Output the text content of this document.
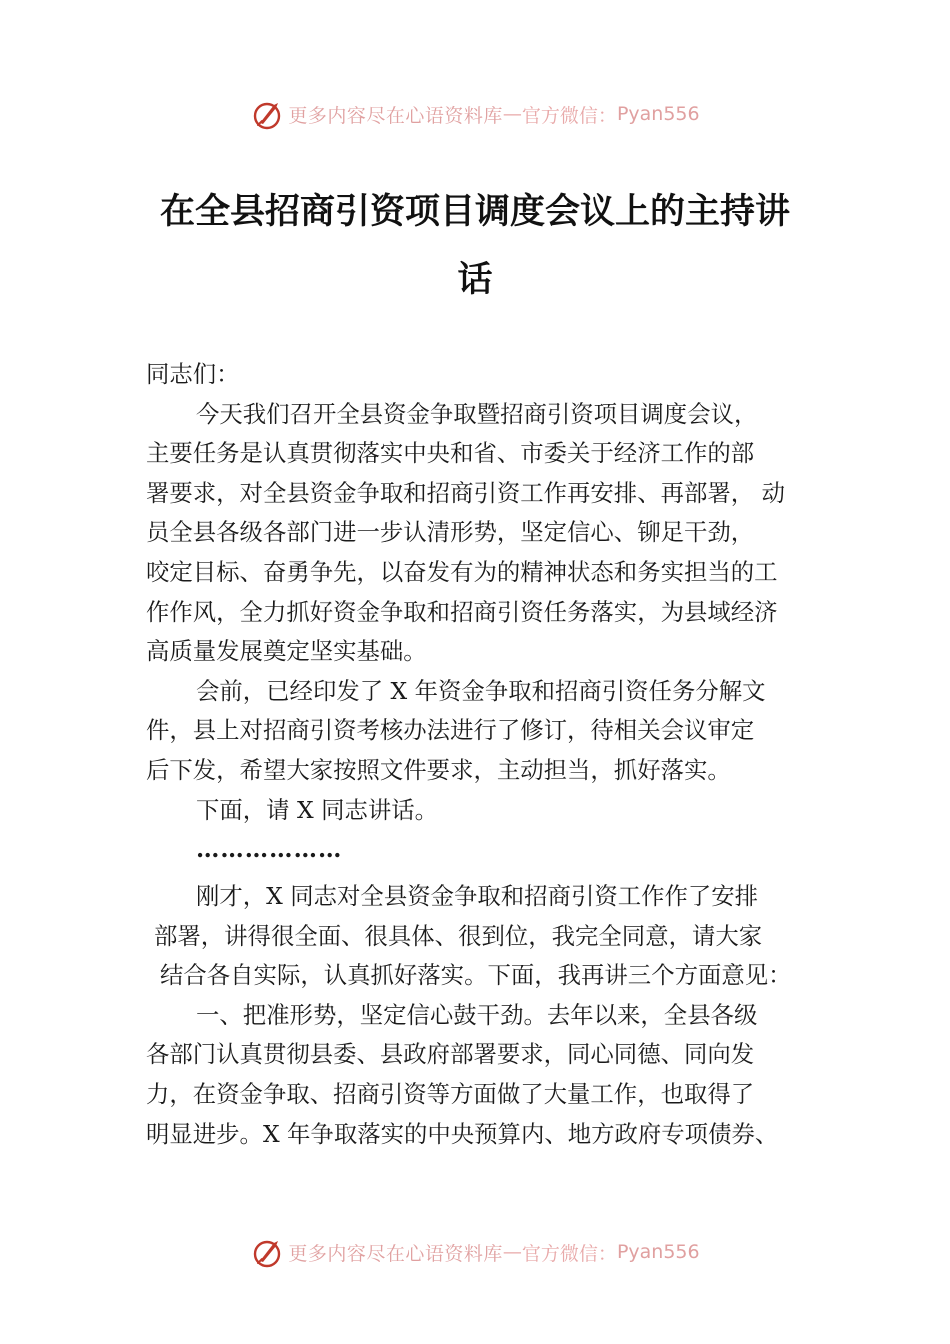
更多内容尽在心语资料库 — 官方微信： Pyan556
在全县招商引资项目调度会议上的主持讲
话
同志们：
今天我们召开全县资金争取暨招商引资项目调度会议，
主要任务是认真贯彻落实中央和省、市委关于经济工作的部
署要求，对全县资金争取和招商引资工作再安排、再部署， 动
员全县各级各部门进一步认清形势，坚定信心、铆足干劲，
咬定目标、奋勇争先，以奋发有为的精神状态和务实担当的工
作作风，全力抓好资金争取和招商引资任务落实，为县域经济
高质量发展奠定坚实基础。
会前，已经印发了 X 年资金争取和招商引资任务分解文
件，县上对招商引资考核办法进行了修订，待相关会议审定
后下发，希望大家按照文件要求，主动担当，抓好落实。
下面，请 X 同志讲话。
………………
刚才，X 同志对全县资金争取和招商引资工作作了安排
部署，讲得很全面、很具体、很到位，我完全同意，请大家
结合各自实际，认真抓好落实。下面，我再讲三个方面意见：
一、把准形势，坚定信心鼓干劲。去年以来，全县各级
各部门认真贯彻县委、县政府部署要求，同心同德、同向发
力，在资金争取、招商引资等方面做了大量工作，也取得了
明显进步。X 年争取落实的中央预算内、地方政府专项债券、
更多内容尽在心语资料库 — 官方微信： Pyan556
